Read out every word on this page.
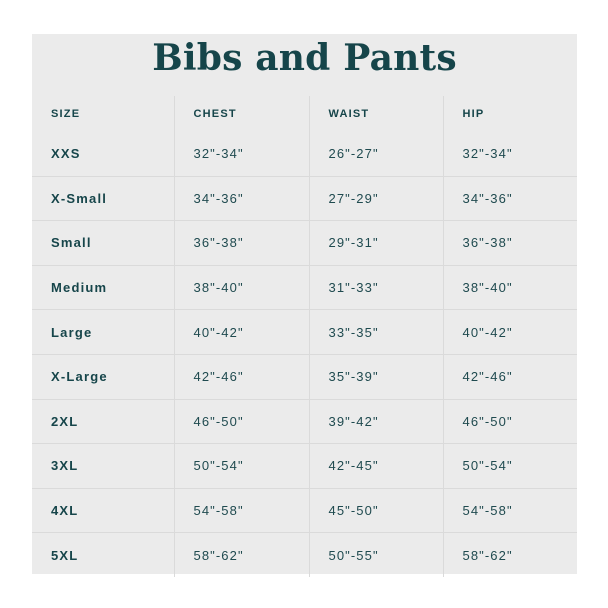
Bibs and Pants
SIZE	CHEST	WAIST	HIP
XXS	32"-34"	26"-27"	32"-34"
X-Small	34"-36"	27"-29"	34"-36"
Small	36"-38"	29"-31"	36"-38"
Medium	38"-40"	31"-33"	38"-40"
Large	40"-42"	33"-35"	40"-42"
X-Large	42"-46"	35"-39"	42"-46"
2XL	46"-50"	39"-42"	46"-50"
3XL	50"-54"	42"-45"	50"-54"
4XL	54"-58"	45"-50"	54"-58"
5XL	58"-62"	50"-55"	58"-62"
